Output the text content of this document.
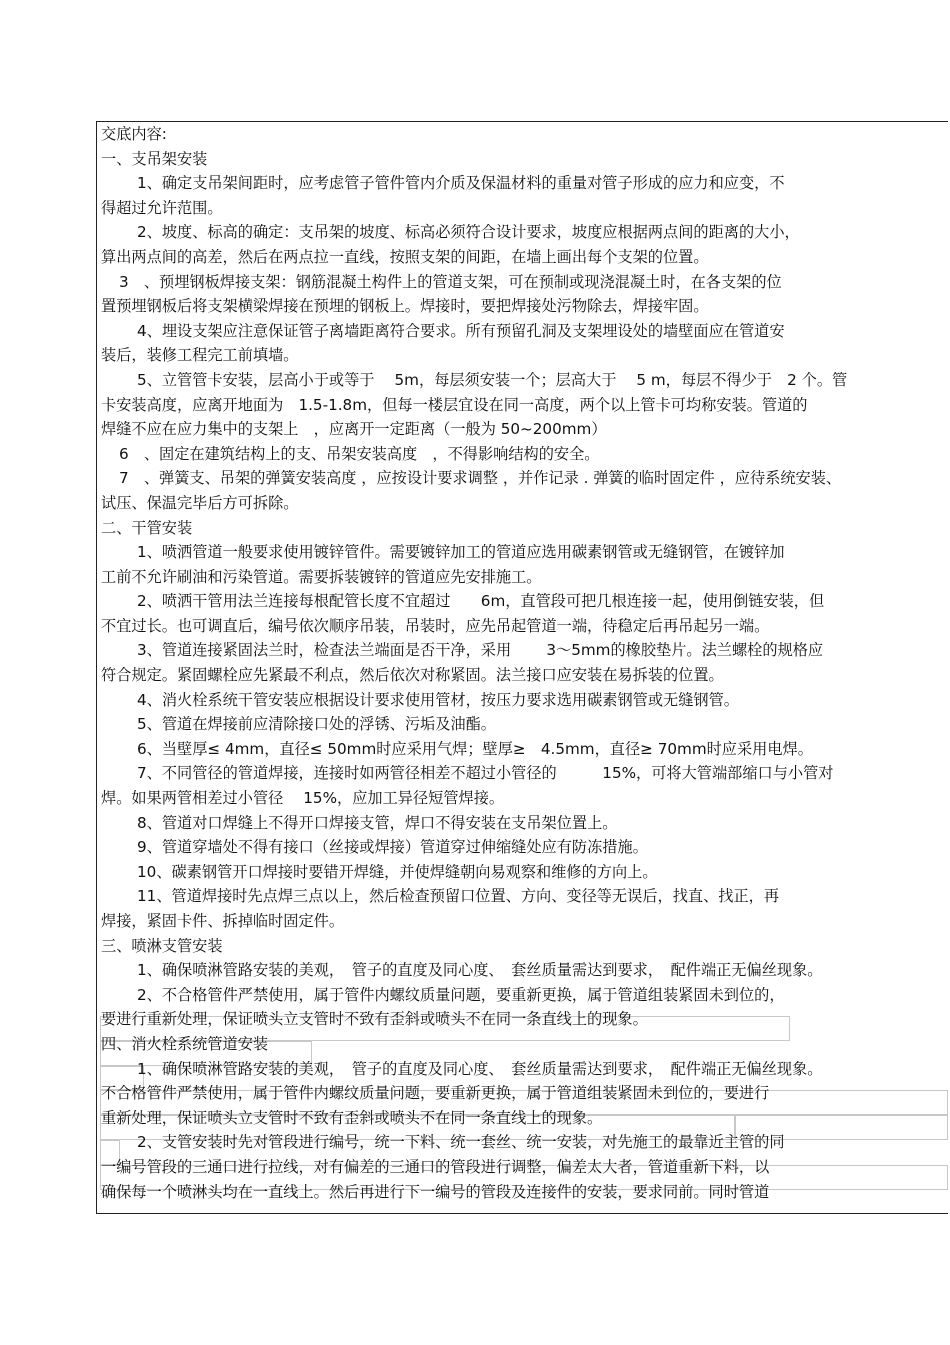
交底内容:
一、支吊架安装
1、确定支吊架间距时，应考虑管子管件管内介质及保温材料的重量对管子形成的应力和应变，不
得超过允许范围。
2、坡度、标高的确定：支吊架的坡度、标高必须符合设计要求，坡度应根据两点间的距离的大小，
算出两点间的高差，然后在两点拉一直线，按照支架的间距，在墙上画出每个支架的位置。
3　、预埋钢板焊接支架：钢筋混凝土构件上的管道支架，可在预制或现浇混凝土时，在各支架的位
置预埋钢板后将支架横梁焊接在预埋的钢板上。焊接时，要把焊接处污物除去，焊接牢固。
4、埋设支架应注意保证管子离墙距离符合要求。所有预留孔洞及支架埋设处的墙壁面应在管道安
装后，装修工程完工前填墙。
5、立管管卡安装，层高小于或等于　 5m，每层须安装一个；层高大于　 5 m，每层不得少于　2 个。管
卡安装高度，应离开地面为　1.5-1.8m，但每一楼层宜设在同一高度，两个以上管卡可均称安装。管道的
焊缝不应在应力集中的支架上　，应离开一定距离（一般为 50~200mm）
6　、固定在建筑结构上的支、吊架安装高度　，不得影响结构的安全。
7　、弹簧支、吊架的弹簧安装高度 ，应按设计要求调整 ，并作记录 . 弹簧的临时固定件 ，应待系统安装、
试压、保温完毕后方可拆除。
二、干管安装
1、喷洒管道一般要求使用镀锌管件。需要镀锌加工的管道应选用碳素钢管或无缝钢管，在镀锌加
工前不允许刷油和污染管道。需要拆装镀锌的管道应先安排施工。
2、喷洒干管用法兰连接每根配管长度不宜超过　　6m，直管段可把几根连接一起，使用倒链安装，但
不宜过长。也可调直后，编号依次顺序吊装，吊装时，应先吊起管道一端，待稳定后再吊起另一端。
3、管道连接紧固法兰时，检查法兰端面是否干净，采用　　 3～5mm的橡胶垫片。法兰螺栓的规格应
符合规定。紧固螺栓应先紧最不利点，然后依次对称紧固。法兰接口应安装在易拆装的位置。
4、消火栓系统干管安装应根据设计要求使用管材，按压力要求选用碳素钢管或无缝钢管。
5、管道在焊接前应清除接口处的浮锈、污垢及油酯。
6、当壁厚≤ 4mm，直径≤ 50mm时应采用气焊；壁厚≥　4.5mm，直径≥ 70mm时应采用电焊。
7、不同管径的管道焊接，连接时如两管径相差不超过小管径的　　　15%，可将大管端部缩口与小管对
焊。如果两管相差过小管径　 15%，应加工异径短管焊接。
8、管道对口焊缝上不得开口焊接支管，焊口不得安装在支吊架位置上。
9、管道穿墙处不得有接口（丝接或焊接）管道穿过伸缩缝处应有防冻措施。
10、碳素钢管开口焊接时要错开焊缝，并使焊缝朝向易观察和维修的方向上。
11、管道焊接时先点焊三点以上，然后检查预留口位置、方向、变径等无误后，找直、找正，再
焊接，紧固卡件、拆掉临时固定件。
三、喷淋支管安装
1、确保喷淋管路安装的美观，　管子的直度及同心度、　套丝质量需达到要求，　配件端正无偏丝现象。
2、不合格管件严禁使用，属于管件内螺纹质量问题，要重新更换，属于管道组装紧固未到位的，
要进行重新处理，保证喷头立支管时不致有歪斜或喷头不在同一条直线上的现象。
四、消火栓系统管道安装
1、确保喷淋管路安装的美观，　管子的直度及同心度、　套丝质量需达到要求，　配件端正无偏丝现象。
不合格管件严禁使用，属于管件内螺纹质量问题，要重新更换，属于管道组装紧固未到位的，要进行
重新处理，保证喷头立支管时不致有歪斜或喷头不在同一条直线上的现象。
2、支管安装时先对管段进行编号，统一下料、统一套丝、统一安装，对先施工的最靠近主管的同
一编号管段的三通口进行拉线，对有偏差的三通口的管段进行调整，偏差太大者，管道重新下料，以
确保每一个喷淋头均在一直线上。然后再进行下一编号的管段及连接件的安装，要求同前。同时管道
